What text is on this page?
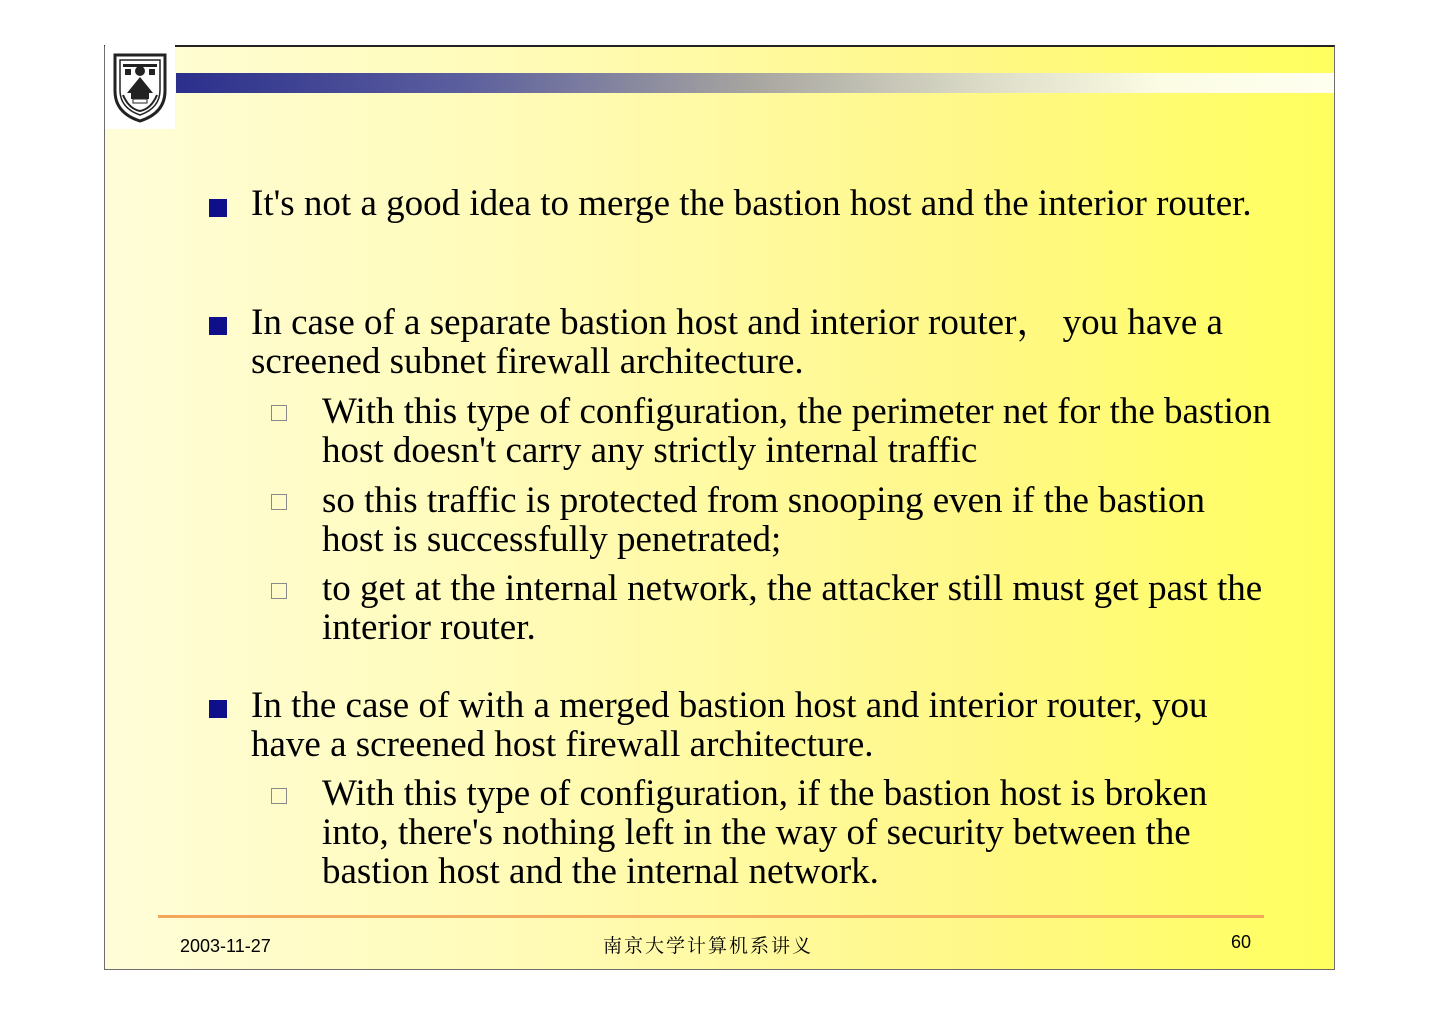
It's not a good idea to merge the bastion host and the interior router.

In case of a separate bastion host and interior router， you have a screened subnet firewall architecture.

With this type of configuration, the perimeter net for the bastion host doesn't carry any strictly internal traffic

so this traffic is protected from snooping even if the bastion host is successfully penetrated;

to get at the internal network, the attacker still must get past the interior router.

In the case of with a merged bastion host and interior router, you have a screened host firewall architecture.

With this type of configuration, if the bastion host is broken into, there's nothing left in the way of security between the bastion host and the internal network.

2003-11-27	南京大学计算机系讲义	60
